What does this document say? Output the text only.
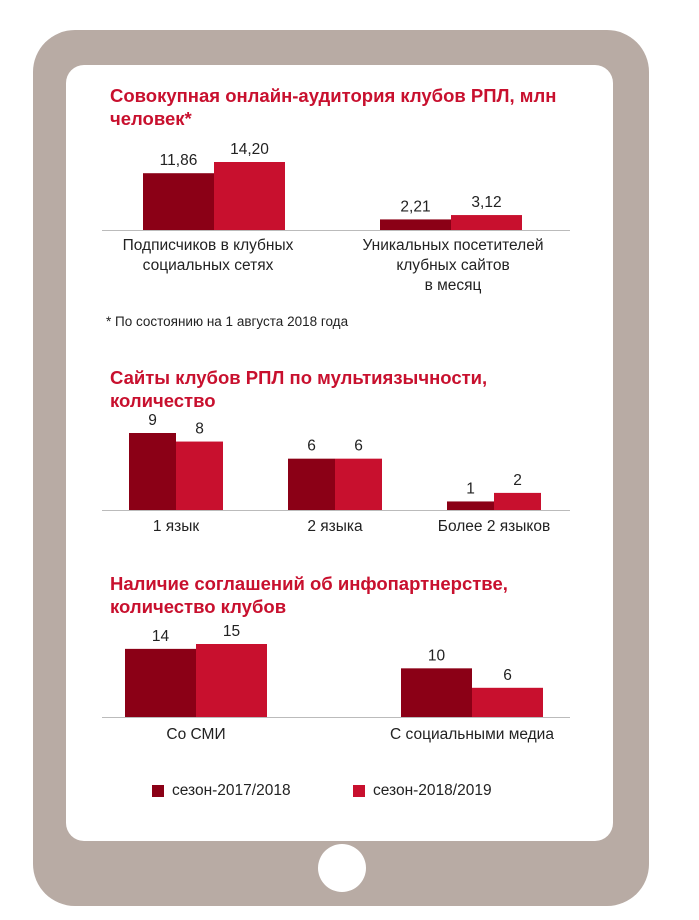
Совокупная онлайн-аудитория клубов РПЛ, млн человек*
Сайты клубов РПЛ по мультиязычности, количество
Наличие соглашений об инфопартнерстве, количество клубов
* По состоянию на 1 августа 2018 года
11,86
14,20
Подписчиков в клубных
социальных сетях
2,21	3,12
Уникальных посетителей
клубных сайтов
в месяц
9
8
1 язык
6 6
2 языка
1
2
Более 2 языков
14	15
Со СМИ
10
6
С социальными медиа
сезон-2017/2018	сезон-2018/2019
